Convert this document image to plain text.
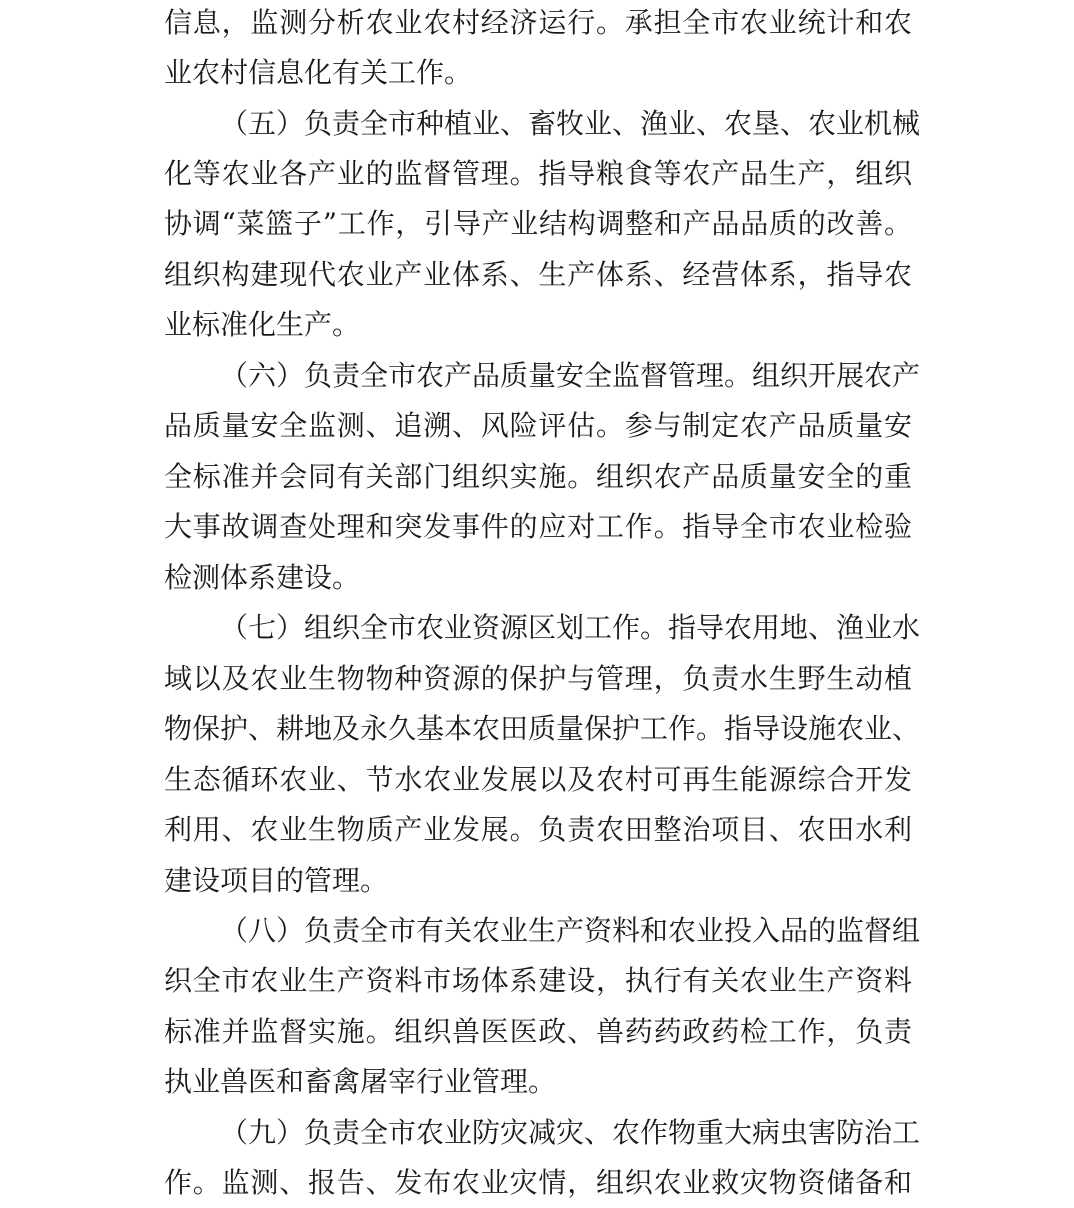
信息，监测分析农业农村经济运行。承担全市农业统计和农
业农村信息化有关工作。
（五）负责全市种植业、畜牧业、渔业、农垦、农业机械
化等农业各产业的监督管理。指导粮食等农产品生产，组织
协调“菜篮子”工作，引导产业结构调整和产品品质的改善。
组织构建现代农业产业体系、生产体系、经营体系，指导农
业标准化生产。
（六）负责全市农产品质量安全监督管理。组织开展农产
品质量安全监测、追溯、风险评估。参与制定农产品质量安
全标准并会同有关部门组织实施。组织农产品质量安全的重
大事故调查处理和突发事件的应对工作。指导全市农业检验
检测体系建设。
（七）组织全市农业资源区划工作。指导农用地、渔业水
域以及农业生物物种资源的保护与管理，负责水生野生动植
物保护、耕地及永久基本农田质量保护工作。指导设施农业、
生态循环农业、节水农业发展以及农村可再生能源综合开发
利用、农业生物质产业发展。负责农田整治项目、农田水利
建设项目的管理。
（八）负责全市有关农业生产资料和农业投入品的监督组
织全市农业生产资料市场体系建设，执行有关农业生产资料
标准并监督实施。组织兽医医政、兽药药政药检工作，负责
执业兽医和畜禽屠宰行业管理。
（九）负责全市农业防灾减灾、农作物重大病虫害防治工
作。监测、报告、发布农业灾情，组织农业救灾物资储备和
